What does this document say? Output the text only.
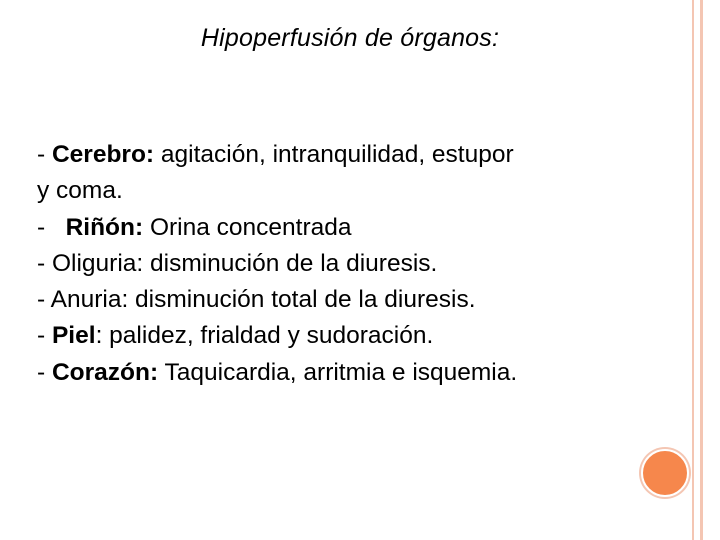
Hipoperfusión de órganos:
- Cerebro: agitación, intranquilidad, estupor
y coma.
-   Riñón: Orina concentrada
- Oliguria: disminución de la diuresis.
- Anuria: disminución total de la diuresis.
- Piel: palidez, frialdad y sudoración.
- Corazón: Taquicardia, arritmia e isquemia.
